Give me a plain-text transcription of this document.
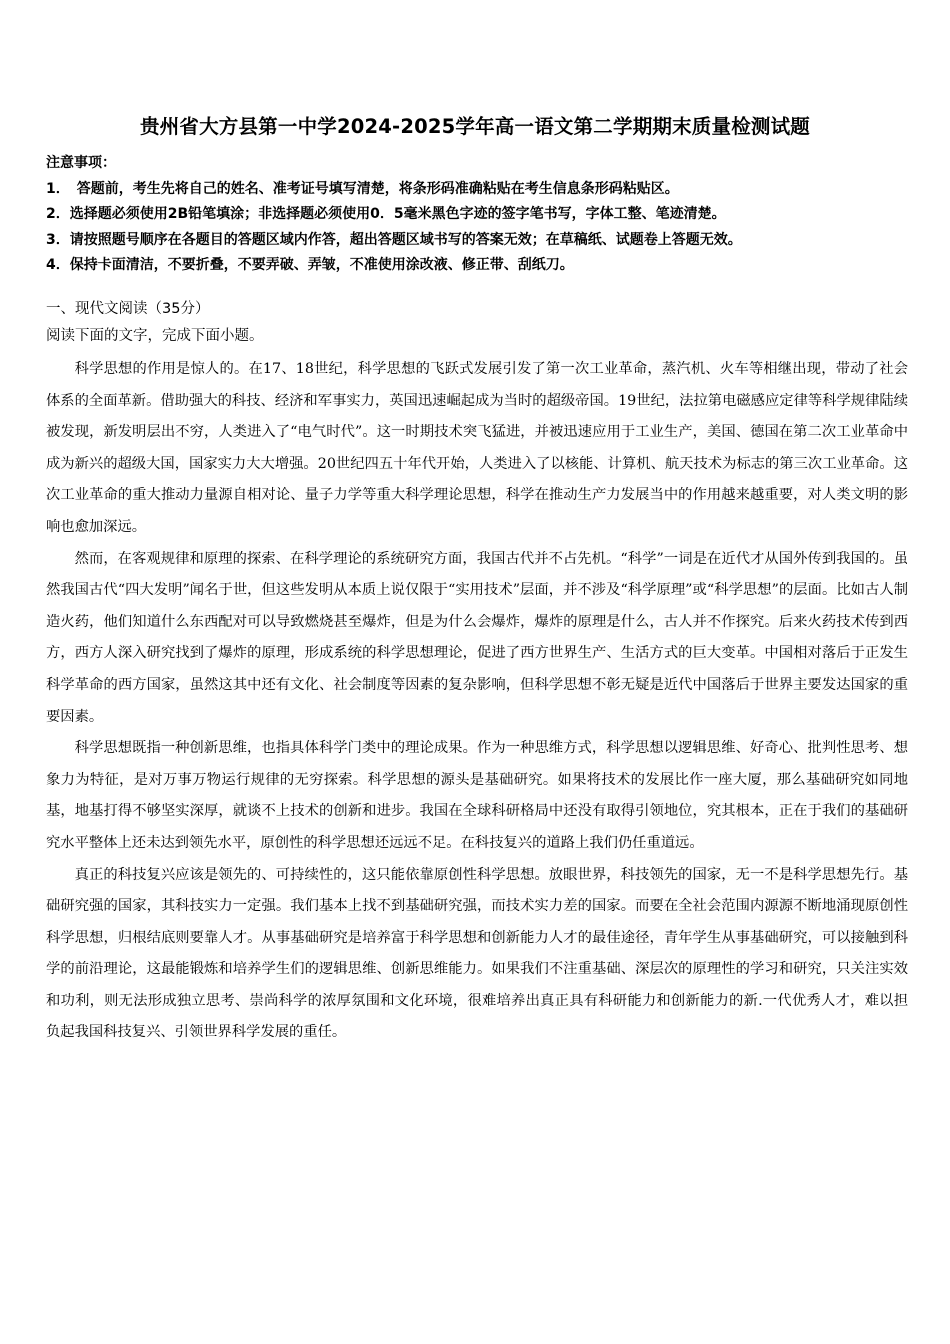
贵州省大方县第一中学2024-2025学年高一语文第二学期期末质量检测试题
注意事项：
1．　答题前，考生先将自己的姓名、准考证号填写清楚，将条形码准确粘贴在考生信息条形码粘贴区。
2．选择题必须使用2B铅笔填涂；非选择题必须使用0．5毫米黑色字迹的签字笔书写，字体工整、笔迹清楚。
3．请按照题号顺序在各题目的答题区域内作答，超出答题区域书写的答案无效；在草稿纸、试题卷上答题无效。
4．保持卡面清洁，不要折叠，不要弄破、弄皱，不准使用涂改液、修正带、刮纸刀。
一、现代文阅读（35分）
阅读下面的文字，完成下面小题。

科学思想的作用是惊人的。在17、18世纪，科学思想的飞跃式发展引发了第一次工业革命，蒸汽机、火车等相继出现，带动了社会体系的全面革新。借助强大的科技、经济和军事实力，英国迅速崛起成为当时的超级帝国。19世纪，法拉第电磁感应定律等科学规律陆续被发现，新发明层出不穷，人类进入了“电气时代”。这一时期技术突飞猛进，并被迅速应用于工业生产，美国、德国在第二次工业革命中成为新兴的超级大国，国家实力大大增强。20世纪四五十年代开始，人类进入了以核能、计算机、航天技术为标志的第三次工业革命。这次工业革命的重大推动力量源自相对论、量子力学等重大科学理论思想，科学在推动生产力发展当中的作用越来越重要，对人类文明的影响也愈加深远。

然而，在客观规律和原理的探索、在科学理论的系统研究方面，我国古代并不占先机。“科学”一词是在近代才从国外传到我国的。虽然我国古代“四大发明”闻名于世，但这些发明从本质上说仅限于“实用技术”层面，并不涉及“科学原理”或“科学思想”的层面。比如古人制造火药，他们知道什么东西配对可以导致燃烧甚至爆炸，但是为什么会爆炸，爆炸的原理是什么，古人并不作探究。后来火药技术传到西方，西方人深入研究找到了爆炸的原理，形成系统的科学思想理论，促进了西方世界生产、生活方式的巨大变革。中国相对落后于正发生科学革命的西方国家，虽然这其中还有文化、社会制度等因素的复杂影响，但科学思想不彰无疑是近代中国落后于世界主要发达国家的重要因素。

科学思想既指一种创新思维，也指具体科学门类中的理论成果。作为一种思维方式，科学思想以逻辑思维、好奇心、批判性思考、想象力为特征，是对万事万物运行规律的无穷探索。科学思想的源头是基础研究。如果将技术的发展比作一座大厦，那么基础研究如同地基，地基打得不够坚实深厚，就谈不上技术的创新和进步。我国在全球科研格局中还没有取得引领地位，究其根本，正在于我们的基础研究水平整体上还未达到领先水平，原创性的科学思想还远远不足。在科技复兴的道路上我们仍任重道远。

真正的科技复兴应该是领先的、可持续性的，这只能依靠原创性科学思想。放眼世界，科技领先的国家，无一不是科学思想先行。基础研究强的国家，其科技实力一定强。我们基本上找不到基础研究强，而技术实力差的国家。而要在全社会范围内源源不断地涌现原创性科学思想，归根结底则要靠人才。从事基础研究是培养富于科学思想和创新能力人才的最佳途径，青年学生从事基础研究，可以接触到科学的前沿理论，这最能锻炼和培养学生们的逻辑思维、创新思维能力。如果我们不注重基础、深层次的原理性的学习和研究，只关注实效和功利，则无法形成独立思考、崇尚科学的浓厚氛围和文化环境，很难培养出真正具有科研能力和创新能力的新.一代优秀人才，难以担负起我国科技复兴、引领世界科学发展的重任。
